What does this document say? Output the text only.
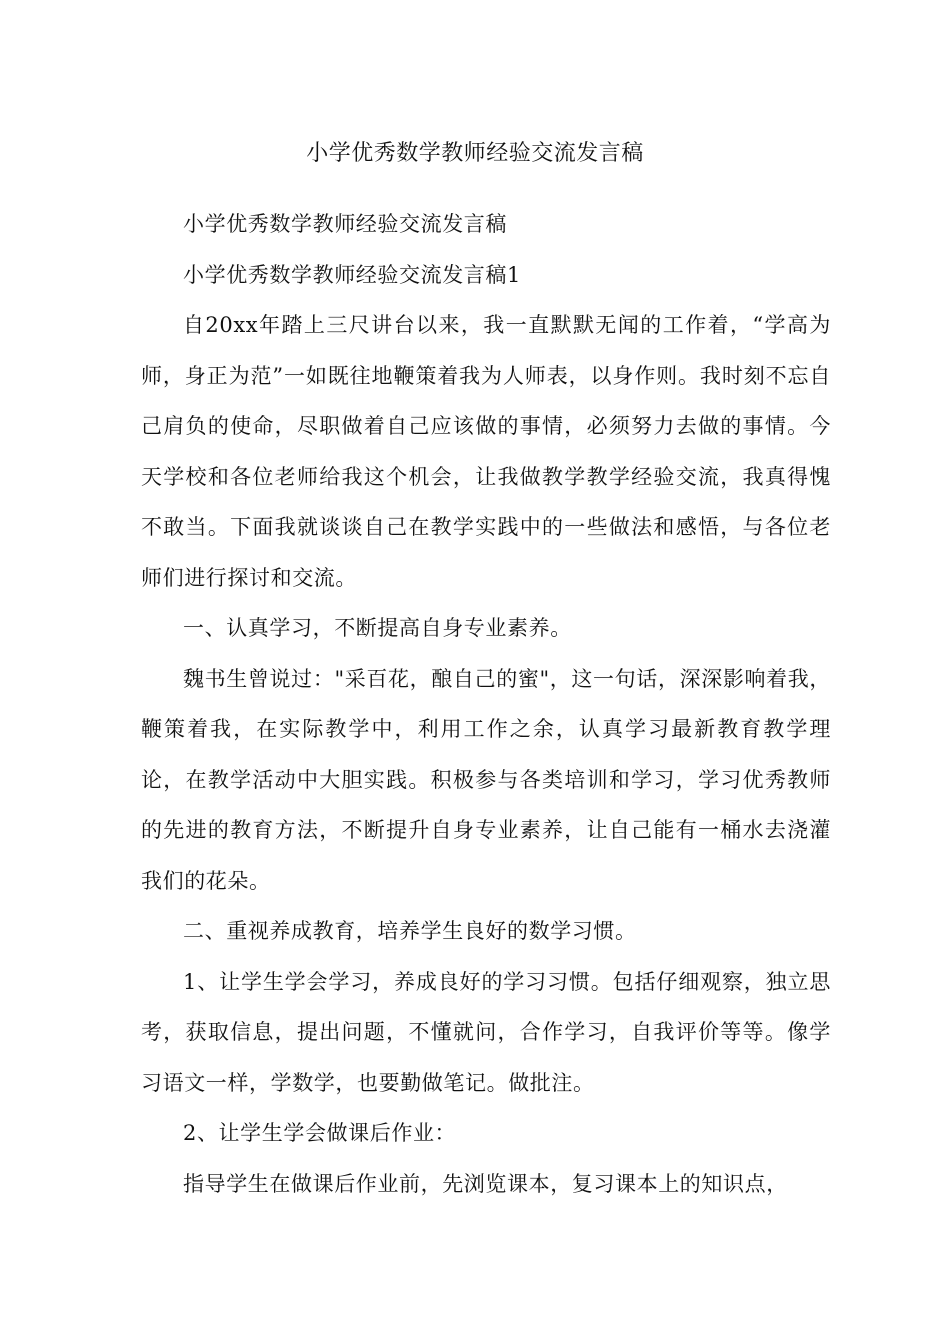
小学优秀数学教师经验交流发言稿

小学优秀数学教师经验交流发言稿

小学优秀数学教师经验交流发言稿1

自20xx年踏上三尺讲台以来，我一直默默无闻的工作着，“学高为师，身正为范”一如既往地鞭策着我为人师表，以身作则。我时刻不忘自己肩负的使命，尽职做着自己应该做的事情，必须努力去做的事情。今天学校和各位老师给我这个机会，让我做教学教学经验交流，我真得愧不敢当。下面我就谈谈自己在教学实践中的一些做法和感悟，与各位老师们进行探讨和交流。

一、认真学习，不断提高自身专业素养。

魏书生曾说过："采百花，酿自己的蜜"，这一句话，深深影响着我，鞭策着我，在实际教学中，利用工作之余，认真学习最新教育教学理论，在教学活动中大胆实践。积极参与各类培训和学习，学习优秀教师的先进的教育方法，不断提升自身专业素养，让自己能有一桶水去浇灌我们的花朵。

二、重视养成教育，培养学生良好的数学习惯。

1、让学生学会学习，养成良好的学习习惯。包括仔细观察，独立思考，获取信息，提出问题，不懂就问，合作学习，自我评价等等。像学习语文一样，学数学，也要勤做笔记。做批注。

2、让学生学会做课后作业：

指导学生在做课后作业前，先浏览课本，复习课本上的知识点，
